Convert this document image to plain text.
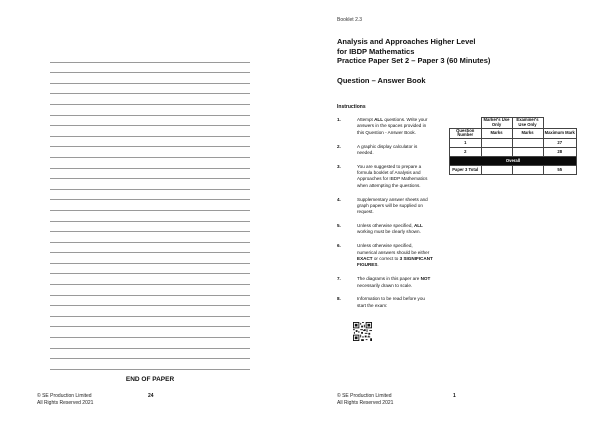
END OF PAPER
© SE Production Limited
All Rights Reserved 2021
24
Booklet 2.3
Analysis and Approaches Higher Level
for IBDP Mathematics
Practice Paper Set 2 – Paper 3 (60 Minutes)
Question – Answer Book
Instructions
1.	Attempt ALL questions. Write your answers in the spaces provided in this Question - Answer Book.
2.	A graphic display calculator is needed.
3.	You are suggested to prepare a formula booklet of Analysis and Approaches for IBDP Mathematics when attempting the questions.
4.	Supplementary answer sheets and graph papers will be supplied on request.
5.	Unless otherwise specified, ALL working must be clearly shown.
6.	Unless otherwise specified, numerical answers should be either EXACT or correct to 3 SIGNIFICANT FIGURES.
7.	The diagrams in this paper are NOT necessarily drawn to scale.
8.	Information to be read before you start the exam:
	Marker's Use Only	Examiner's Use Only	
Question Number	Marks	Marks	Maximum Mark
1			27
2			28
Overall			
Paper 3 Total			55
© SE Production Limited
All Rights Reserved 2021
1
